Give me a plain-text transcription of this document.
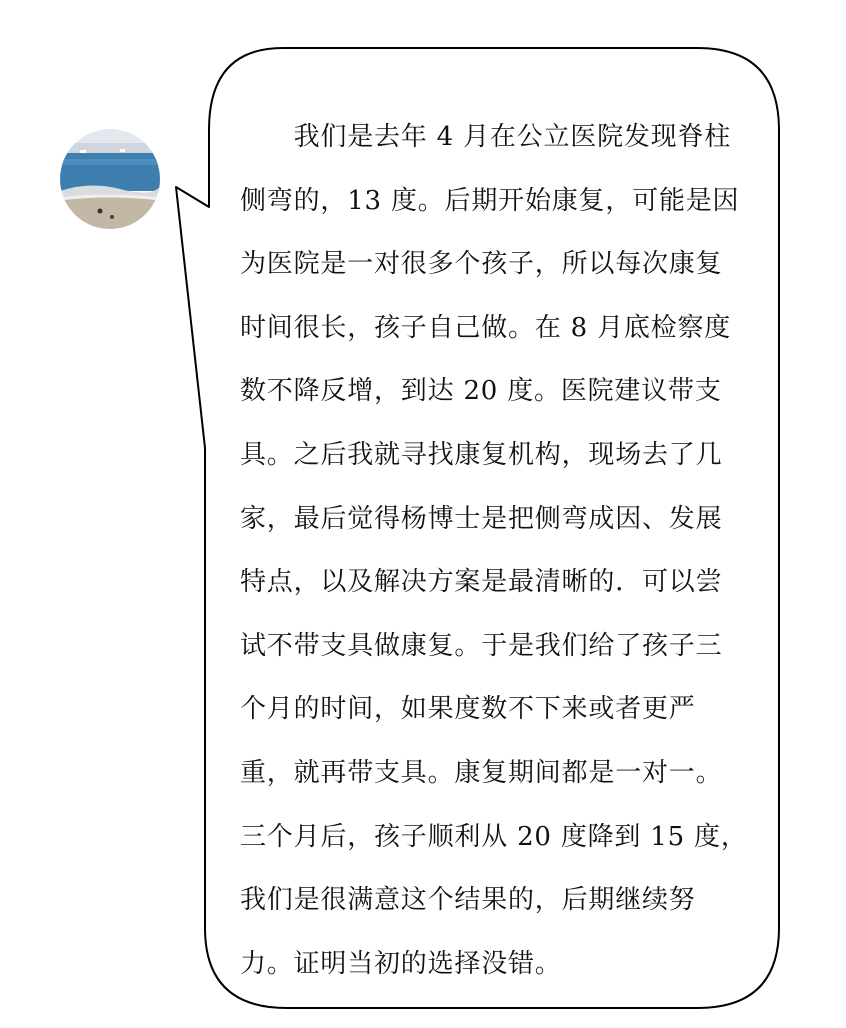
　　我们是去年 4 月在公立医院发现脊柱
侧弯的，13 度。后期开始康复，可能是因
为医院是一对很多个孩子，所以每次康复
时间很长，孩子自己做。在 8 月底检察度
数不降反增，到达 20 度。医院建议带支
具。之后我就寻找康复机构，现场去了几
家，最后觉得杨博士是把侧弯成因、发展
特点，以及解决方案是最清晰的．可以尝
试不带支具做康复。于是我们给了孩子三
个月的时间，如果度数不下来或者更严
重，就再带支具。康复期间都是一对一。
三个月后，孩子顺利从 20 度降到 15 度，
我们是很满意这个结果的，后期继续努
力。证明当初的选择没错。
